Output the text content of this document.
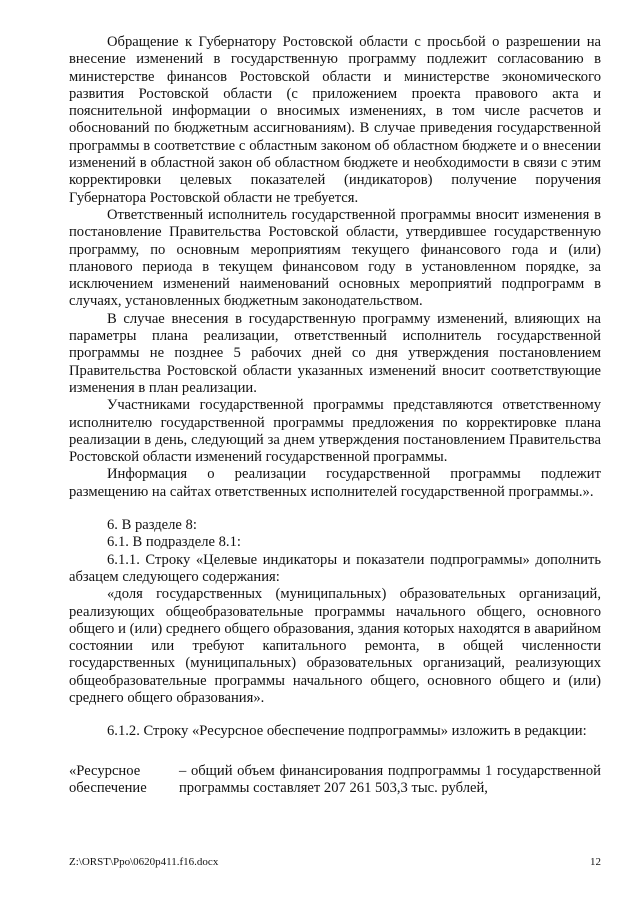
Обращение к Губернатору Ростовской области с просьбой о разрешении на внесение изменений в государственную программу подлежит согласованию в министерстве финансов Ростовской области и министерстве экономического развития Ростовской области (с приложением проекта правового акта и пояснительной информации о вносимых изменениях, в том числе расчетов и обоснований по бюджетным ассигнованиям). В случае приведения государственной программы в соответствие с областным законом об областном бюджете и о внесении изменений в областной закон об областном бюджете и необходимости в связи с этим корректировки целевых показателей (индикаторов) получение поручения Губернатора Ростовской области не требуется.

Ответственный исполнитель государственной программы вносит изменения в постановление Правительства Ростовской области, утвердившее государственную программу, по основным мероприятиям текущего финансового года и (или) планового периода в текущем финансовом году в установленном порядке, за исключением изменений наименований основных мероприятий подпрограмм в случаях, установленных бюджетным законодательством.

В случае внесения в государственную программу изменений, влияющих на параметры плана реализации, ответственный исполнитель государственной программы не позднее 5 рабочих дней со дня утверждения постановлением Правительства Ростовской области указанных изменений вносит соответствующие изменения в план реализации.

Участниками государственной программы представляются ответственному исполнителю государственной программы предложения по корректировке плана реализации в день, следующий за днем утверждения постановлением Правительства Ростовской области изменений государственной программы.

Информация о реализации государственной программы подлежит размещению на сайтах ответственных исполнителей государственной программы.».

6. В разделе 8:

6.1. В подразделе 8.1:

6.1.1. Строку «Целевые индикаторы и показатели подпрограммы» дополнить абзацем следующего содержания:

«доля государственных (муниципальных) образовательных организаций, реализующих общеобразовательные программы начального общего, основного общего и (или) среднего общего образования, здания которых находятся в аварийном состоянии или требуют капитального ремонта, в общей численности государственных (муниципальных) образовательных организаций, реализующих общеобразовательные программы начального общего, основного общего и (или) среднего общего образования».

6.1.2. Строку «Ресурсное обеспечение подпрограммы» изложить в редакции:

«Ресурсное обеспечение
– общий объем финансирования подпрограммы 1 государственной программы составляет 207 261 503,3 тыс. рублей,
Z:\ORST\Ppo\0620p411.f16.docx	12
